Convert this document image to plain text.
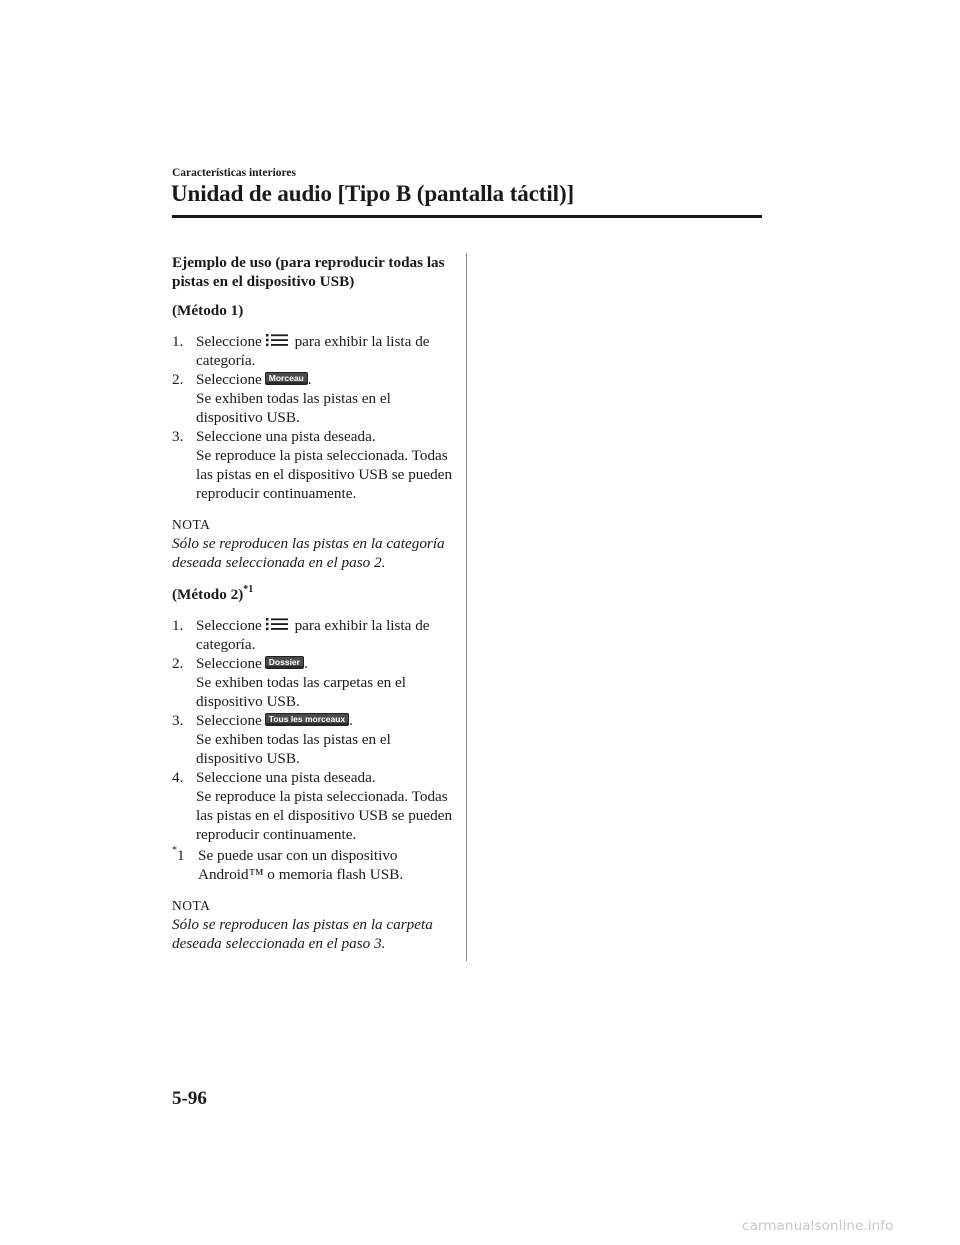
Características interiores
Unidad de audio [Tipo B (pantalla táctil)]
Ejemplo de uso (para reproducir todas las pistas en el dispositivo USB)
(Método 1)
1. Seleccione para exhibir la lista de categoría.
2. Seleccione Morceau .
Se exhiben todas las pistas en el dispositivo USB.
3. Seleccione una pista deseada.
Se reproduce la pista seleccionada. Todas las pistas en el dispositivo USB se pueden reproducir continuamente.
NOTA
Sólo se reproducen las pistas en la categoría deseada seleccionada en el paso 2.
(Método 2)$^{*1}$
1. Seleccione para exhibir la lista de categoría.
2. Seleccione Dossier .
Se exhiben todas las carpetas en el dispositivo USB.
3. Seleccione Tous les morceaux .
Se exhiben todas las pistas en el dispositivo USB.
4. Seleccione una pista deseada.
Se reproduce la pista seleccionada. Todas las pistas en el dispositivo USB se pueden reproducir continuamente.
*1 Se puede usar con un dispositivo Android™ o memoria flash USB.
NOTA
Sólo se reproducen las pistas en la carpeta deseada seleccionada en el paso 3.
5-96
carmanualsonline.info
